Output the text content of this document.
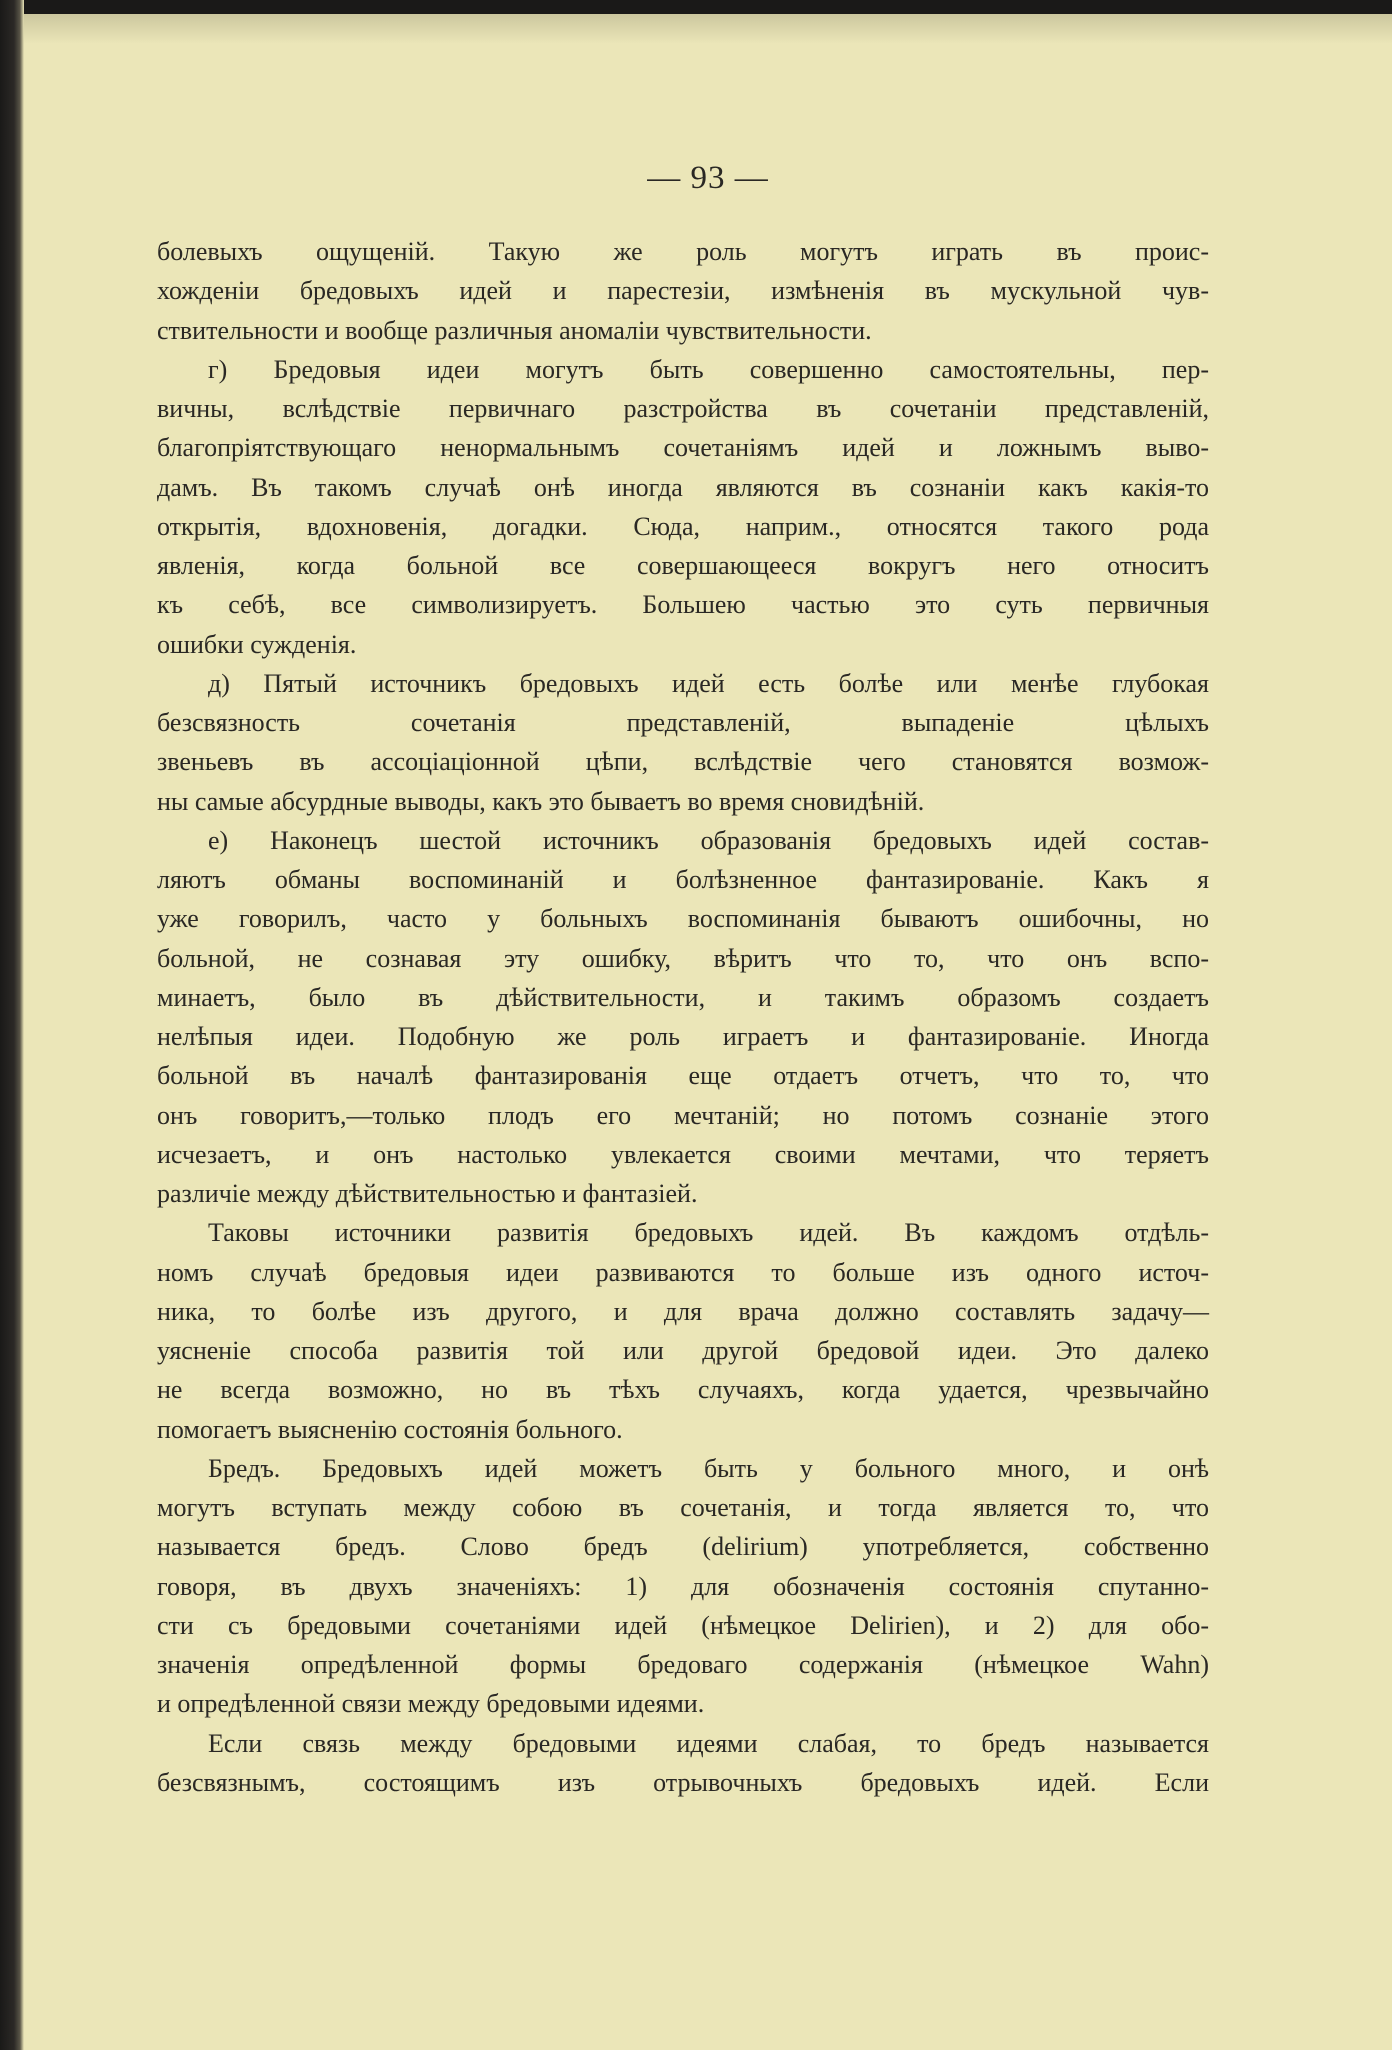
— 93 —
болевыхъ ощущеній. Такую же роль могутъ играть въ проис-
хожденіи бредовыхъ идей и парестезіи, измѣненія въ мускульной чув-
ствительности и вообще различныя аномаліи чувствительности.
г) Бредовыя идеи могутъ быть совершенно самостоятельны, пер-
вичны, вслѣдствіе первичнаго разстройства въ сочетаніи представленій,
благопріятствующаго ненормальнымъ сочетаніямъ идей и ложнымъ выво-
дамъ. Въ такомъ случаѣ онѣ иногда являются въ сознаніи какъ какія-то
открытія, вдохновенія, догадки. Сюда, наприм., относятся такого рода
явленія, когда больной все совершающееся вокругъ него относитъ
къ себѣ, все символизируетъ. Большею частью это суть первичныя
ошибки сужденія.
д) Пятый источникъ бредовыхъ идей есть болѣе или менѣе глубокая
безсвязность сочетанія представленій, выпаденіе цѣлыхъ
звеньевъ въ ассоціаціонной цѣпи, вслѣдствіе чего становятся возмож-
ны самые абсурдные выводы, какъ это бываетъ во время сновидѣній.
е) Наконецъ шестой источникъ образованія бредовыхъ идей состав-
ляютъ обманы воспоминаній и болѣзненное фантазированіе. Какъ я
уже говорилъ, часто у больныхъ воспоминанія бываютъ ошибочны, но
больной, не сознавая эту ошибку, вѣритъ что то, что онъ вспо-
минаетъ, было въ дѣйствительности, и такимъ образомъ создаетъ
нелѣпыя идеи. Подобную же роль играетъ и фантазированіе. Иногда
больной въ началѣ фантазированія еще отдаетъ отчетъ, что то, что
онъ говоритъ,—только плодъ его мечтаній; но потомъ сознаніе этого
исчезаетъ, и онъ настолько увлекается своими мечтами, что теряетъ
различіе между дѣйствительностью и фантазіей.
Таковы источники развитія бредовыхъ идей. Въ каждомъ отдѣль-
номъ случаѣ бредовыя идеи развиваются то больше изъ одного источ-
ника, то болѣе изъ другого, и для врача должно составлять задачу—
уясненіе способа развитія той или другой бредовой идеи. Это далеко
не всегда возможно, но въ тѣхъ случаяхъ, когда удается, чрезвычайно
помогаетъ выясненію состоянія больного.
Бредъ. Бредовыхъ идей можетъ быть у больного много, и онѣ
могутъ вступать между собою въ сочетанія, и тогда является то, что
называется бредъ. Слово бредъ (delirium) употребляется, собственно
говоря, въ двухъ значеніяхъ: 1) для обозначенія состоянія спутанно-
сти съ бредовыми сочетаніями идей (нѣмецкое Delirien), и 2) для обо-
значенія опредѣленной формы бредоваго содержанія (нѣмецкое Wahn)
и опредѣленной связи между бредовыми идеями.
Если связь между бредовыми идеями слабая, то бредъ называется
безсвязнымъ, состоящимъ изъ отрывочныхъ бредовыхъ идей. Если
